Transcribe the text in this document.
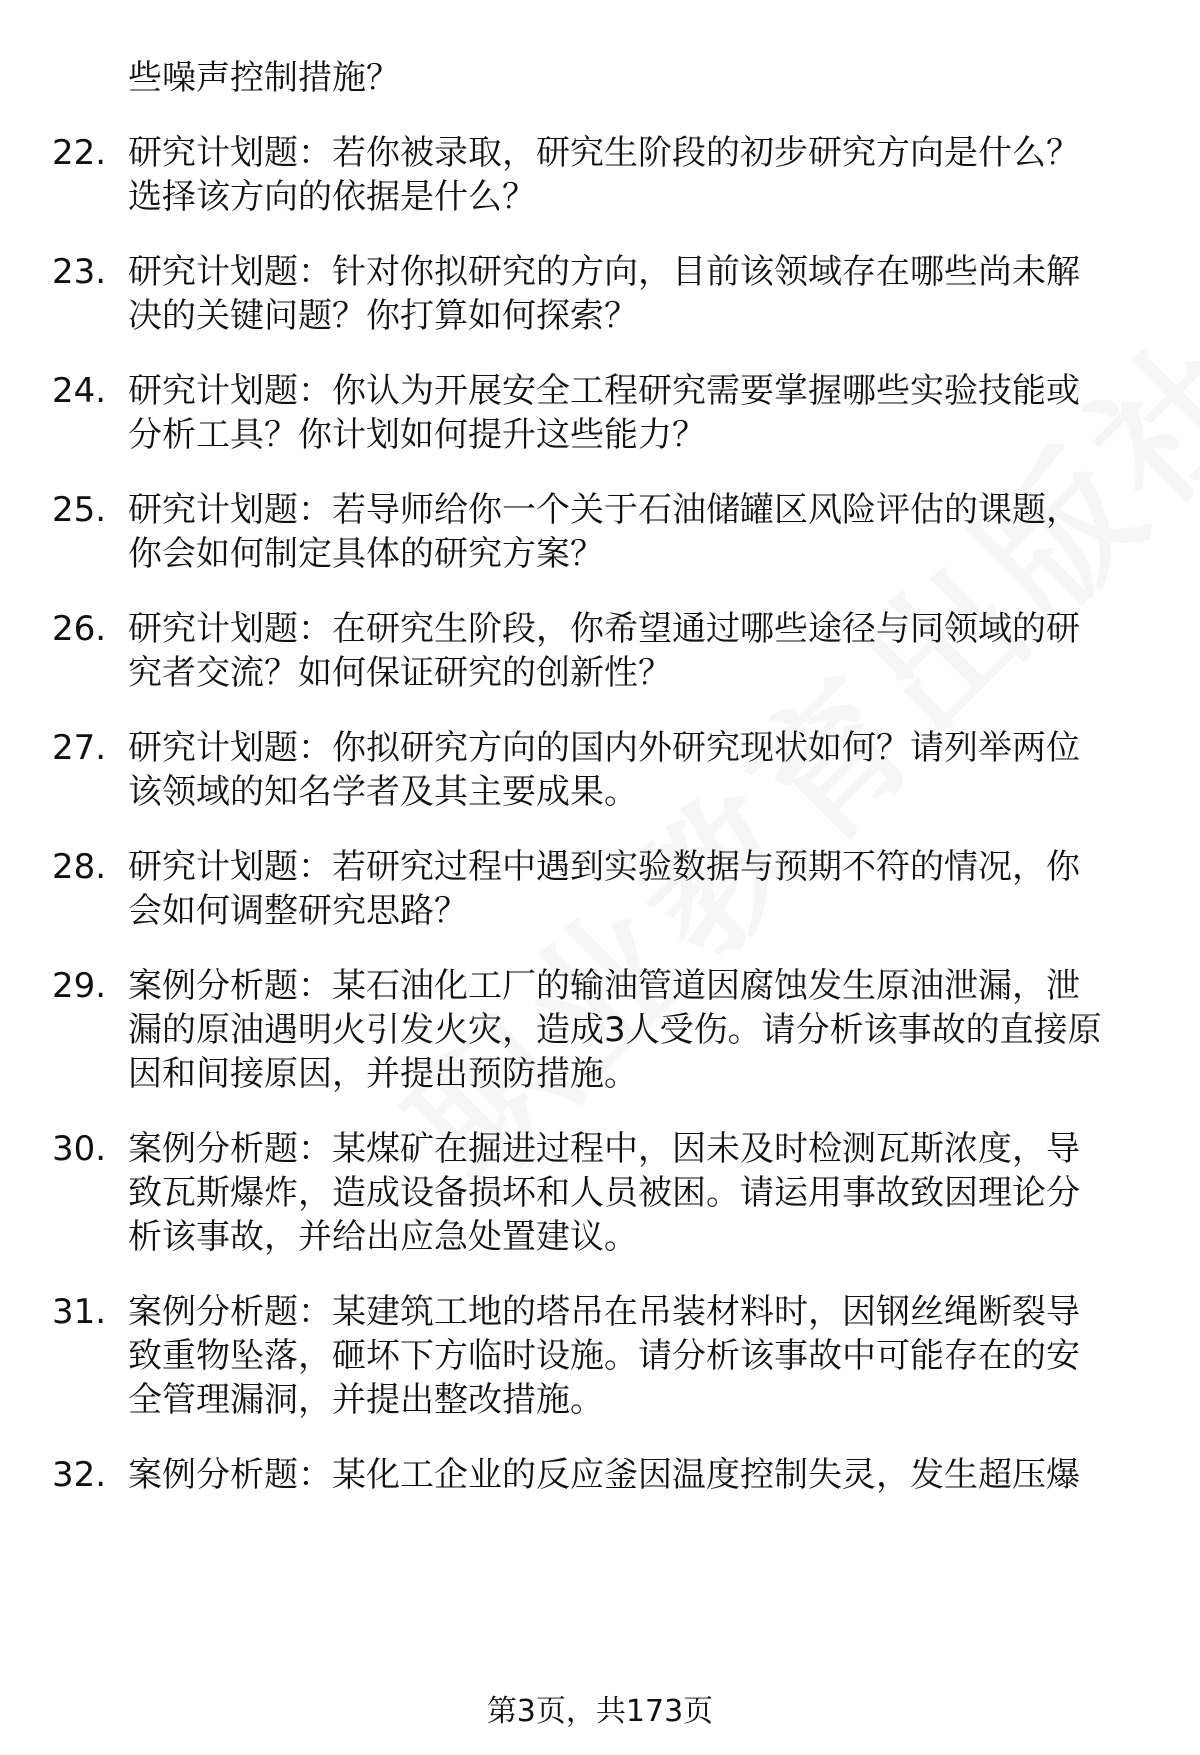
些噪声控制措施？
22. 研究计划题：若你被录取，研究生阶段的初步研究方向是什么？
选择该方向的依据是什么？
23. 研究计划题：针对你拟研究的方向，目前该领域存在哪些尚未解
决的关键问题？你打算如何探索？
24. 研究计划题：你认为开展安全工程研究需要掌握哪些实验技能或
分析工具？你计划如何提升这些能力？
25. 研究计划题：若导师给你一个关于石油储罐区风险评估的课题，
你会如何制定具体的研究方案？
26. 研究计划题：在研究生阶段，你希望通过哪些途径与同领域的研
究者交流？如何保证研究的创新性？
27. 研究计划题：你拟研究方向的国内外研究现状如何？请列举两位
该领域的知名学者及其主要成果。
28. 研究计划题：若研究过程中遇到实验数据与预期不符的情况，你
会如何调整研究思路？
29. 案例分析题：某石油化工厂的输油管道因腐蚀发生原油泄漏，泄
漏的原油遇明火引发火灾，造成3人受伤。请分析该事故的直接原
因和间接原因，并提出预防措施。
30. 案例分析题：某煤矿在掘进过程中，因未及时检测瓦斯浓度，导
致瓦斯爆炸，造成设备损坏和人员被困。请运用事故致因理论分
析该事故，并给出应急处置建议。
31. 案例分析题：某建筑工地的塔吊在吊装材料时，因钢丝绳断裂导
致重物坠落，砸坏下方临时设施。请分析该事故中可能存在的安
全管理漏洞，并提出整改措施。
32. 案例分析题：某化工企业的反应釜因温度控制失灵，发生超压爆
第3页，共173页
